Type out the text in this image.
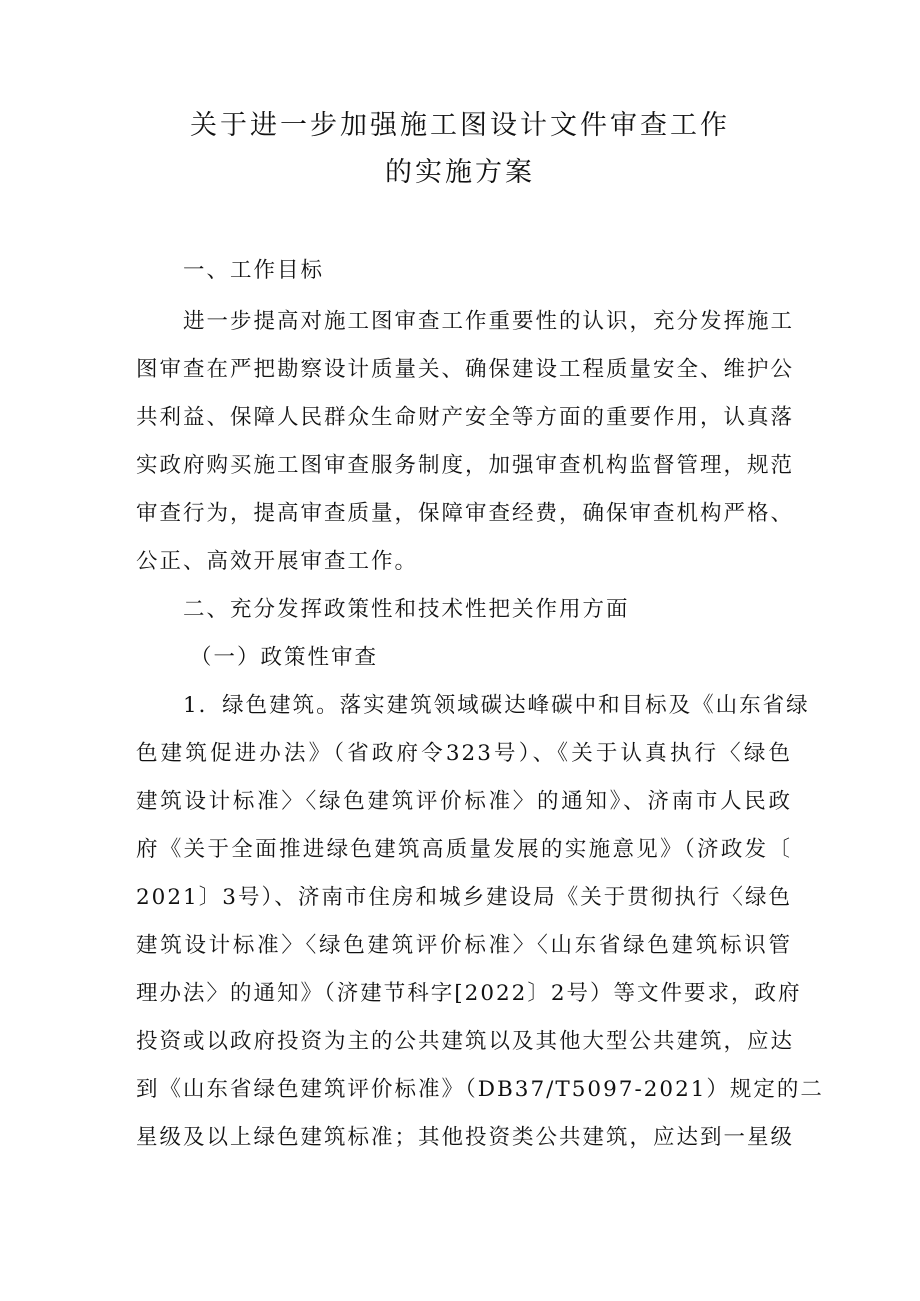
关于进一步加强施工图设计文件审查工作
的实施方案

一、工作目标

进一步提高对施工图审查工作重要性的认识，充分发挥施工

图审查在严把勘察设计质量关、确保建设工程质量安全、维护公

共利益、保障人民群众生命财产安全等方面的重要作用，认真落

实政府购买施工图审查服务制度，加强审查机构监督管理，规范

审查行为，提高审查质量，保障审查经费，确保审查机构严格、

公正、高效开展审查工作。

二、充分发挥政策性和技术性把关作用方面

（一）政策性审查

1．绿色建筑。落实建筑领域碳达峰碳中和目标及《山东省绿

色建筑促进办法》（省政府令323号）、《关于认真执行〈绿色

建筑设计标准〉〈绿色建筑评价标准〉的通知》、济南市人民政

府《关于全面推进绿色建筑高质量发展的实施意见》（济政发〔

2021〕3号）、济南市住房和城乡建设局《关于贯彻执行〈绿色

建筑设计标准〉〈绿色建筑评价标准〉〈山东省绿色建筑标识管

理办法〉的通知》（济建节科字[2022〕2号）等文件要求，政府

投资或以政府投资为主的公共建筑以及其他大型公共建筑，应达

到《山东省绿色建筑评价标准》（DB37/T5097-2021）规定的二

星级及以上绿色建筑标准；其他投资类公共建筑，应达到一星级
